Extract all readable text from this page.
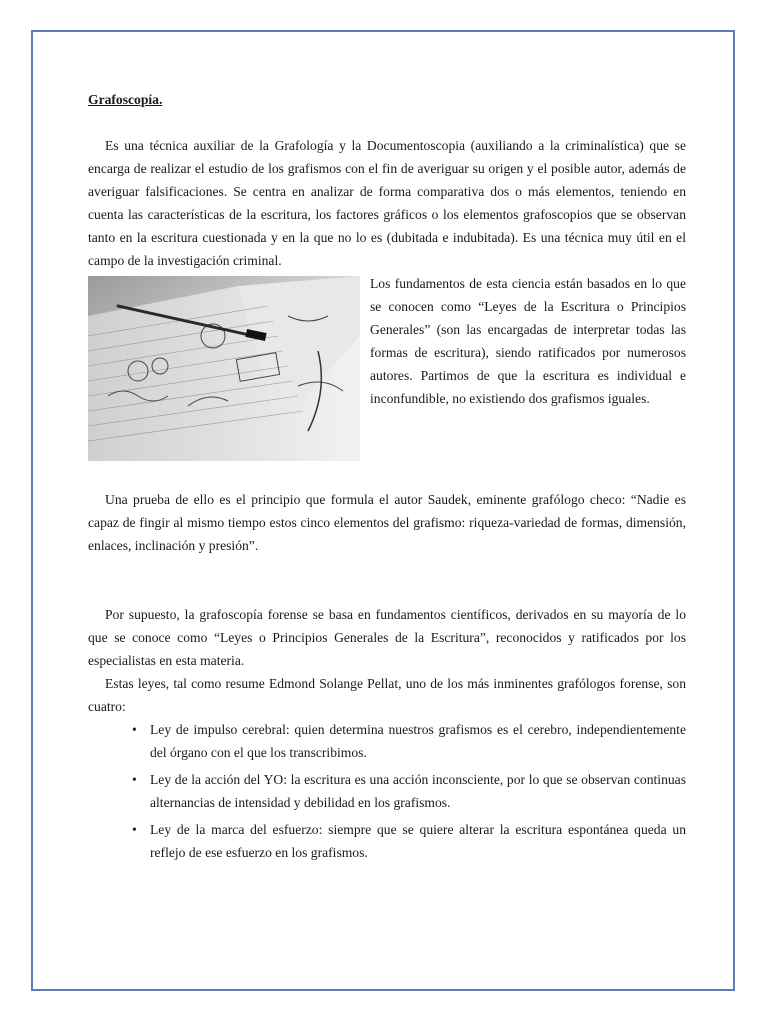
Grafoscopía.

Es una técnica auxiliar de la Grafología y la Documentoscopia (auxiliando a la criminalística) que se encarga de realizar el estudio de los grafismos con el fin de averiguar su origen y el posible autor, además de averiguar falsificaciones. Se centra en analizar de forma comparativa dos o más elementos, teniendo en cuenta las características de la escritura, los factores gráficos o los elementos grafoscopios que se observan tanto en la escritura cuestionada y en la que no lo es (dubitada e indubitada). Es una técnica muy útil en el campo de la investigación criminal.

Los fundamentos de esta ciencia están basados en lo que se conocen como “Leyes de la Escritura o Principios Generales” (son las encargadas de interpretar todas las formas de escritura), siendo ratificados por numerosos autores. Partimos de que la escritura es individual e inconfundible, no existiendo dos grafismos iguales.

Una prueba de ello es el principio que formula el autor Saudek, eminente grafólogo checo: “Nadie es capaz de fingir al mismo tiempo estos cinco elementos del grafismo: riqueza-variedad de formas, dimensión, enlaces, inclinación y presión”.

Por supuesto, la grafoscopía forense se basa en fundamentos científicos, derivados en su mayoría de lo que se conoce como “Leyes o Principios Generales de la Escritura”, reconocidos y ratificados por los especialistas en esta materia.

Estas leyes, tal como resume Edmond Solange Pellat, uno de los más inminentes grafólogos forense, son cuatro:

• Ley de impulso cerebral: quien determina nuestros grafismos es el cerebro, independientemente del órgano con el que los transcribimos.
• Ley de la acción del YO: la escritura es una acción inconsciente, por lo que se observan continuas alternancias de intensidad y debilidad en los grafismos.
• Ley de la marca del esfuerzo: siempre que se quiere alterar la escritura espontánea queda un reflejo de ese esfuerzo en los grafismos.
